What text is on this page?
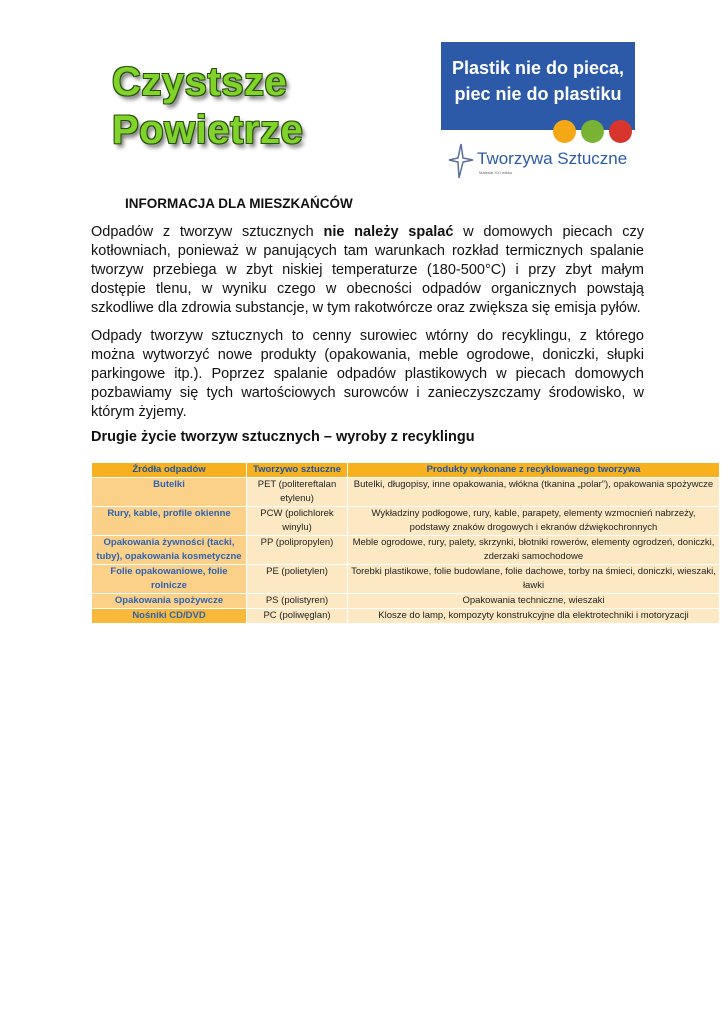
Czystsze
Powietrze
Plastik nie do pieca,
piec nie do plastiku
Tworzywa Sztuczne
Materiał XXI wieku
INFORMACJA DLA MIESZKAŃCÓW
Odpadów z tworzyw sztucznych nie należy spalać w domowych piecach czy kotłowniach, ponieważ w panujących tam warunkach rozkład termicznych spalanie tworzyw przebiega w zbyt niskiej temperaturze (180-500°C) i przy zbyt małym dostępie tlenu, w wyniku czego w obecności odpadów organicznych powstają szkodliwe dla zdrowia substancje, w tym rakotwórcze oraz zwiększa się emisja pyłów.
Odpady tworzyw sztucznych to cenny surowiec wtórny do recyklingu, z którego można wytworzyć nowe produkty (opakowania, meble ogrodowe, doniczki, słupki parkingowe itp.). Poprzez spalanie odpadów plastikowych w piecach domowych pozbawiamy się tych wartościowych surowców i zanieczyszczamy środowisko, w którym żyjemy.
Drugie życie tworzyw sztucznych – wyroby z recyklingu
Źródła odpadów	Tworzywo sztuczne	Produkty wykonane z recyklowanego tworzywa
Butelki	PET (politereftalan etylenu)	Butelki, długopisy, inne opakowania, włókna (tkanina „polar”), opakowania spożywcze
Rury, kable, profile okienne	PCW (polichlorek winylu)	Wykładziny podłogowe, rury, kable, parapety, elementy wzmocnień nabrzeży, podstawy znaków drogowych i ekranów dźwiękochronnych
Opakowania żywności (tacki, tuby), opakowania kosmetyczne	PP (polipropylen)	Meble ogrodowe, rury, palety, skrzynki, błotniki rowerów, elementy ogrodzeń, doniczki, zderzaki samochodowe
Folie opakowaniowe, folie rolnicze	PE (polietylen)	Torebki plastikowe, folie budowlane, folie dachowe, torby na śmieci, doniczki, wieszaki, ławki
Opakowania spożywcze	PS (polistyren)	Opakowania techniczne, wieszaki
Nośniki CD/DVD	PC (poliwęglan)	Klosze do lamp, kompozyty konstrukcyjne dla elektrotechniki i motoryzacji
